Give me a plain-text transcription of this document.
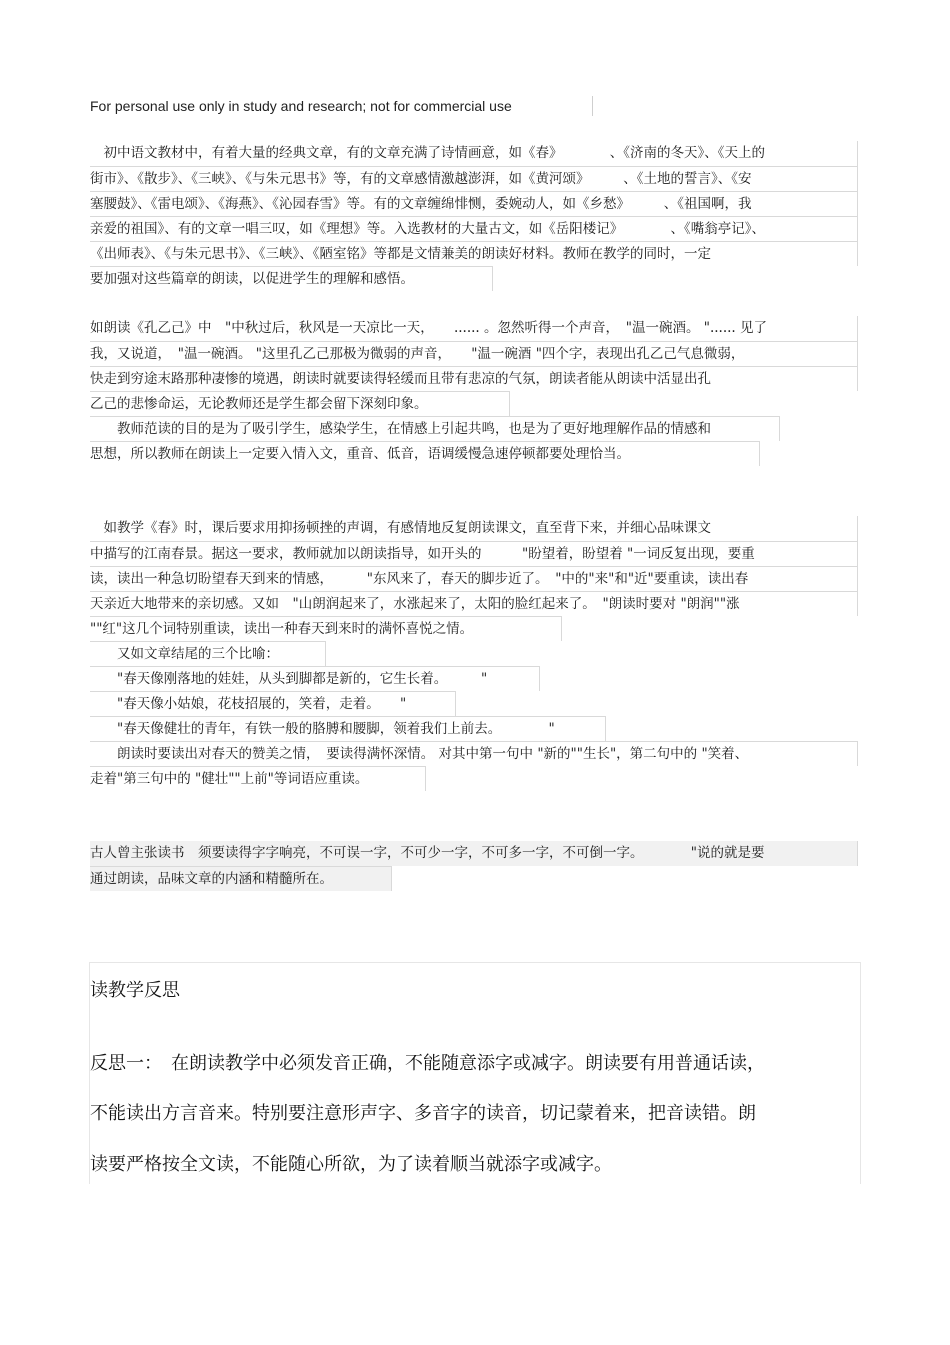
For personal use only in study and research; not for commercial use
　初中语文教材中，有着大量的经典文章，有的文章充满了诗情画意，如《春》　　　　、《济南的冬天》、《天上的
街市》、《散步》、《三峡》、《与朱元思书》等，有的文章感情激越澎湃，如《黄河颂》　　　、《土地的誓言》、《安
塞腰鼓》、《雷电颂》、《海燕》、《沁园春雪》等。有的文章缠绵悱恻，委婉动人，如《乡愁》　　　、《祖国啊，我
亲爱的祖国》、有的文章一唱三叹，如《理想》等。入选教材的大量古文，如《岳阳楼记》　　　　、《嘴翁亭记》、
《出师表》、《与朱元思书》、《三峡》、《陋室铭》等都是文情兼美的朗读好材料。教师在教学的同时，一定
要加强对这些篇章的朗读，以促进学生的理解和感悟。
如朗读《孔乙己》中　"中秋过后，秋风是一天凉比一天，　　...... 。忽然听得一个声音，　"温一碗酒。 "...... 见了
我，又说道，　"温一碗酒。 "这里孔乙己那极为微弱的声音，　　"温一碗酒 "四个字，表现出孔乙己气息微弱，
快走到穷途末路那种凄惨的境遇，朗读时就要读得轻缓而且带有悲凉的气氛，朗读者能从朗读中活显出孔
乙己的悲惨命运，无论教师还是学生都会留下深刻印象。
　　教师范读的目的是为了吸引学生，感染学生，在情感上引起共鸣，也是为了更好地理解作品的情感和
思想，所以教师在朗读上一定要入情入文，重音、低音，语调缓慢急速停顿都要处理恰当。
　如教学《春》时，课后要求用抑扬顿挫的声调，有感情地反复朗读课文，直至背下来，并细心品味课文
中描写的江南春景。据这一要求，教师就加以朗读指导，如开头的　　　"盼望着，盼望着 "一词反复出现，要重
读，读出一种急切盼望春天到来的情感，　　　"东风来了，春天的脚步近了。　"中的"来"和"近"要重读，读出春
天亲近大地带来的亲切感。又如　"山朗润起来了，水涨起来了，太阳的脸红起来了。　"朗读时要对 "朗润""涨
""红"这几个词特别重读，读出一种春天到来时的满怀喜悦之情。
　　又如文章结尾的三个比喻：
　　"春天像刚落地的娃娃，从头到脚都是新的，它生长着。　　　"
　　"春天像小姑娘，花枝招展的，笑着，走着。　　"
　　"春天像健壮的青年，有铁一般的胳膊和腰脚，领着我们上前去。　　　　"
　　朗读时要读出对春天的赞美之情，　要读得满怀深情。 对其中第一句中 "新的""生长"，第二句中的 "笑着、
走着"第三句中的 "健壮""上前"等词语应重读。
古人曾主张读书　须要读得字字响亮，不可误一字，不可少一字，不可多一字，不可倒一字。　　　　"说的就是要
通过朗读，品味文章的内涵和精髓所在。
读教学反思
反思一：　在朗读教学中必须发音正确，不能随意添字或减字。朗读要有用普通话读，
不能读出方言音来。特别要注意形声字、多音字的读音，切记蒙着来，把音读错。朗
读要严格按全文读，不能随心所欲，为了读着顺当就添字或减字。
